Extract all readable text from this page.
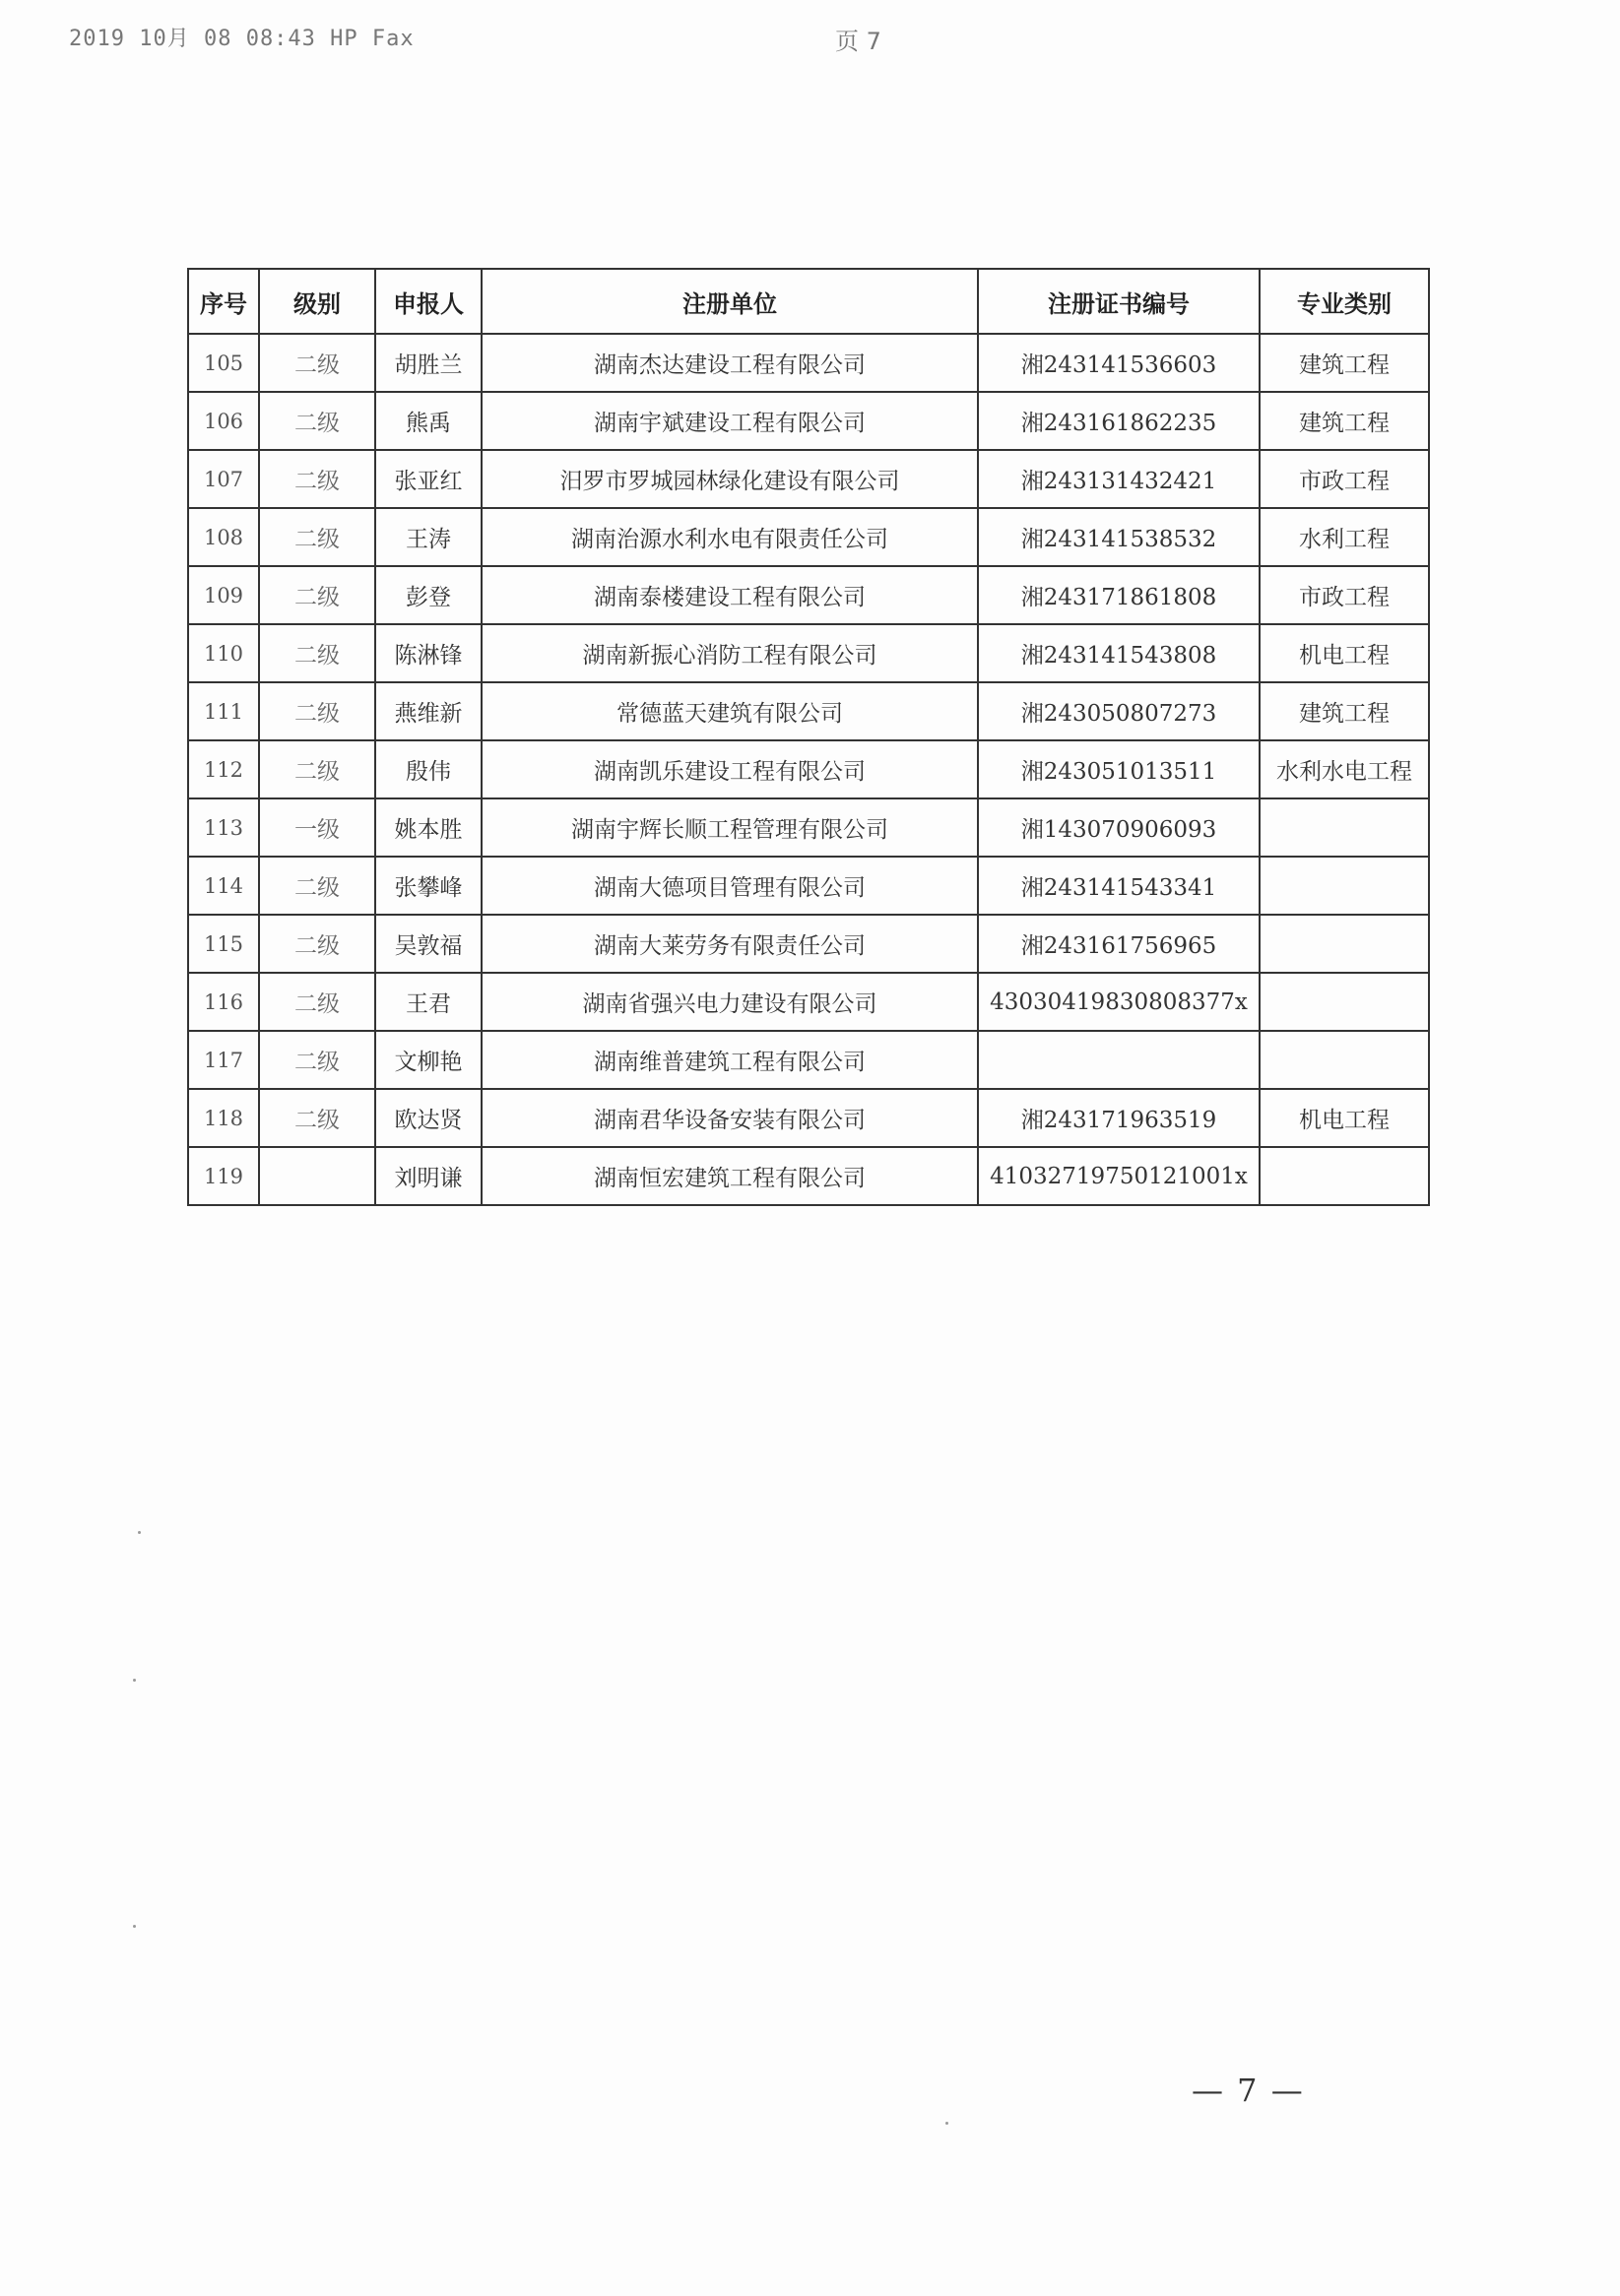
2019 10月 08 08:43 HP Fax	页 7
序号	级别	申报人	注册单位	注册证书编号	专业类别
105	二级	胡胜兰	湖南杰达建设工程有限公司	湘243141536603	建筑工程
106	二级	熊禹	湖南宇斌建设工程有限公司	湘243161862235	建筑工程
107	二级	张亚红	汨罗市罗城园林绿化建设有限公司	湘243131432421	市政工程
108	二级	王涛	湖南治源水利水电有限责任公司	湘243141538532	水利工程
109	二级	彭登	湖南泰楼建设工程有限公司	湘243171861808	市政工程
110	二级	陈淋锋	湖南新振心消防工程有限公司	湘243141543808	机电工程
111	二级	燕维新	常德蓝天建筑有限公司	湘243050807273	建筑工程
112	二级	殷伟	湖南凯乐建设工程有限公司	湘243051013511	水利水电工程
113	一级	姚本胜	湖南宇辉长顺工程管理有限公司	湘143070906093	
114	二级	张攀峰	湖南大德项目管理有限公司	湘243141543341	
115	二级	吴敦福	湖南大莱劳务有限责任公司	湘243161756965	
116	二级	王君	湖南省强兴电力建设有限公司	43030419830808377x	
117	二级	文柳艳	湖南维普建筑工程有限公司		
118	二级	欧达贤	湖南君华设备安装有限公司	湘243171963519	机电工程
119		刘明谦	湖南恒宏建筑工程有限公司	41032719750121001x	
— 7 —
